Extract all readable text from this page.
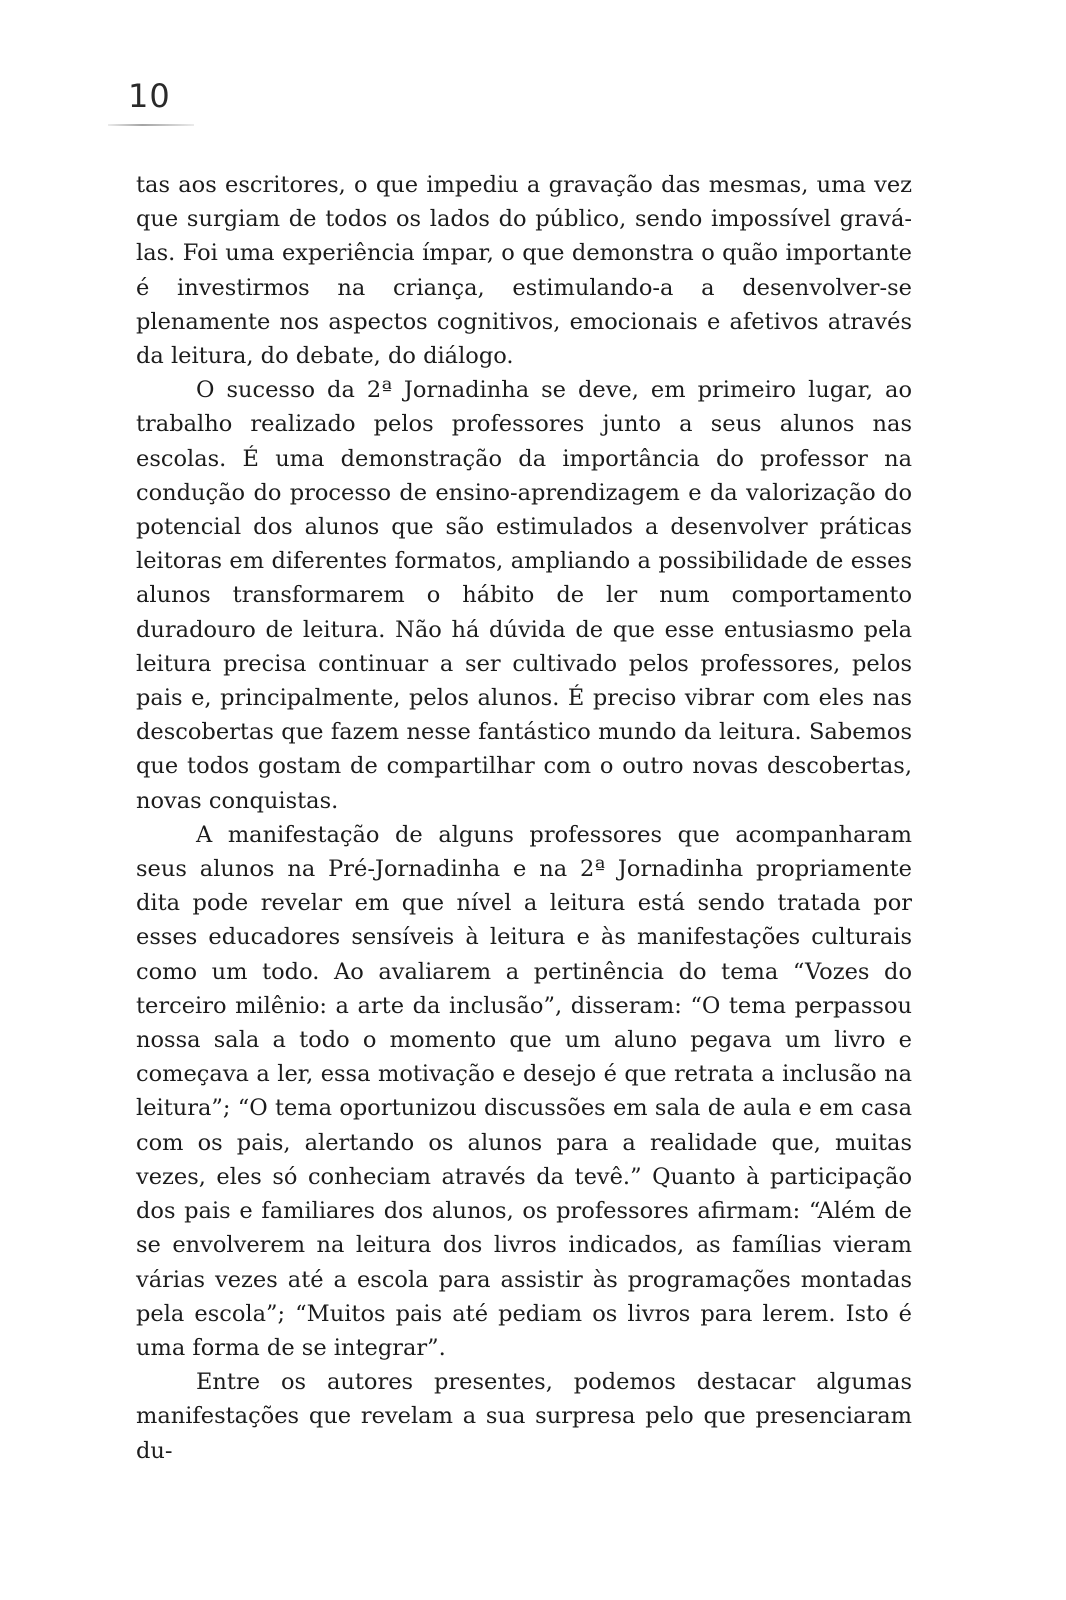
10

tas aos escritores, o que impediu a gravação das mesmas, uma vez que surgiam de todos os lados do público, sendo impossível gravá-las. Foi uma experiência ímpar, o que demonstra o quão importante é investirmos na criança, estimulando-a a desenvolver-se plenamente nos aspectos cognitivos, emocionais e afetivos através da leitura, do debate, do diálogo.

O sucesso da 2ª Jornadinha se deve, em primeiro lugar, ao trabalho realizado pelos professores junto a seus alunos nas escolas. É uma demonstração da importância do professor na condução do processo de ensino-aprendizagem e da valorização do potencial dos alunos que são estimulados a desenvolver práticas leitoras em diferentes formatos, ampliando a possibilidade de esses alunos transformarem o hábito de ler num comportamento duradouro de leitura. Não há dúvida de que esse entusiasmo pela leitura precisa continuar a ser cultivado pelos professores, pelos pais e, principalmente, pelos alunos. É preciso vibrar com eles nas descobertas que fazem nesse fantástico mundo da leitura. Sabemos que todos gostam de compartilhar com o outro novas descobertas, novas conquistas.

A manifestação de alguns professores que acompanharam seus alunos na Pré-Jornadinha e na 2ª Jornadinha propriamente dita pode revelar em que nível a leitura está sendo tratada por esses educadores sensíveis à leitura e às manifestações culturais como um todo. Ao avaliarem a pertinência do tema “Vozes do terceiro milênio: a arte da inclusão”, disseram: “O tema perpassou nossa sala a todo o momento que um aluno pegava um livro e começava a ler, essa motivação e desejo é que retrata a inclusão na leitura”; “O tema oportunizou discussões em sala de aula e em casa com os pais, alertando os alunos para a realidade que, muitas vezes, eles só conheciam através da tevê.” Quanto à participação dos pais e familiares dos alunos, os professores afirmam: “Além de se envolverem na leitura dos livros indicados, as famílias vieram várias vezes até a escola para assistir às programações montadas pela escola”; “Muitos pais até pediam os livros para lerem. Isto é uma forma de se integrar”.

Entre os autores presentes, podemos destacar algumas manifestações que revelam a sua surpresa pelo que presenciaram du-
